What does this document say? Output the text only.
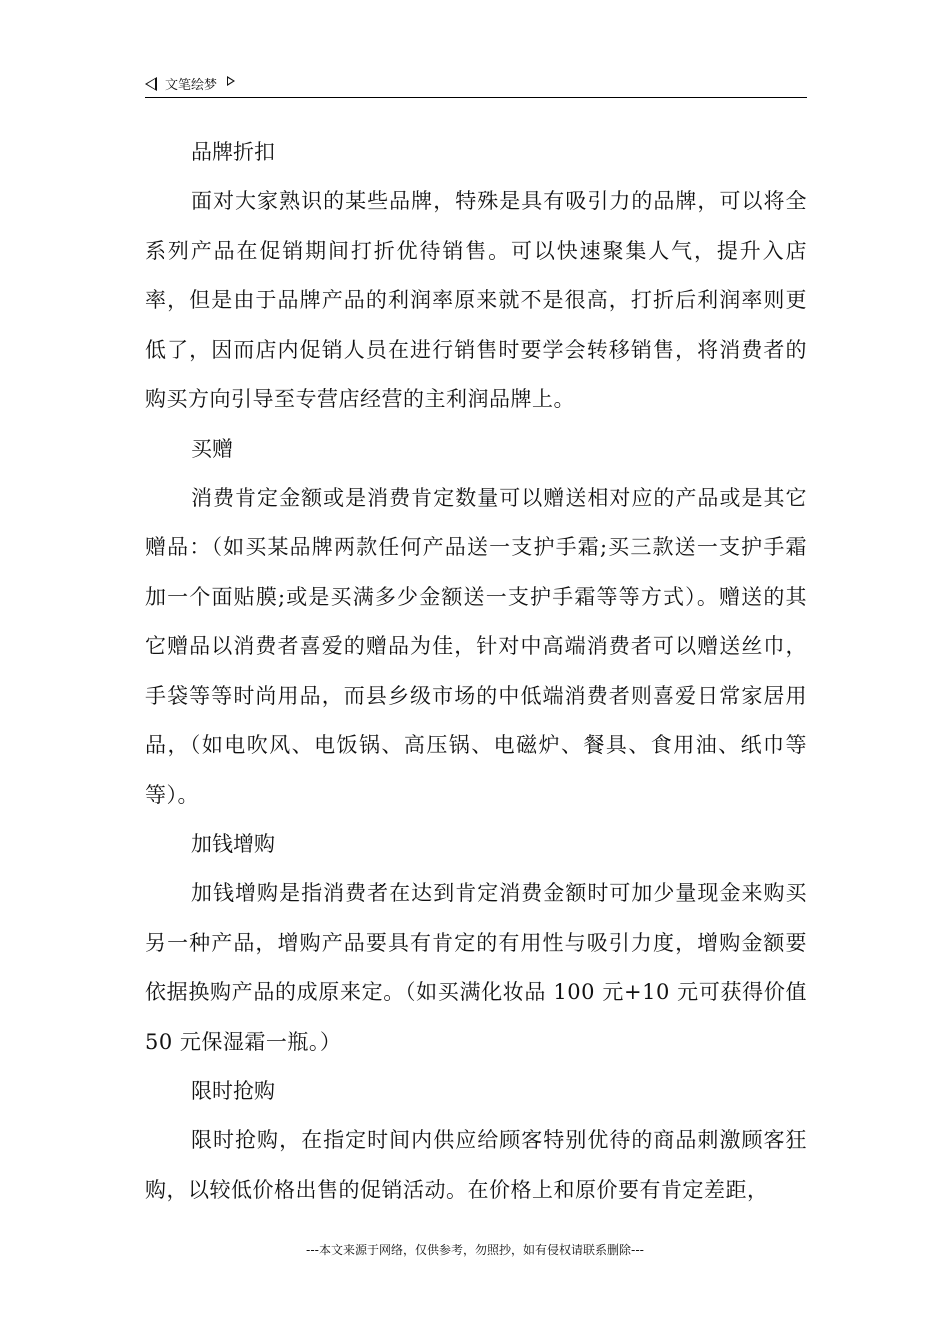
文笔绘梦

品牌折扣

面对大家熟识的某些品牌，特殊是具有吸引力的品牌，可以将全系列产品在促销期间打折优待销售。可以快速聚集人气，提升入店率，但是由于品牌产品的利润率原来就不是很高，打折后利润率则更低了，因而店内促销人员在进行销售时要学会转移销售，将消费者的购买方向引导至专营店经营的主利润品牌上。

买赠

消费肯定金额或是消费肯定数量可以赠送相对应的产品或是其它赠品：（如买某品牌两款任何产品送一支护手霜;买三款送一支护手霜加一个面贴膜;或是买满多少金额送一支护手霜等等方式）。赠送的其它赠品以消费者喜爱的赠品为佳，针对中高端消费者可以赠送丝巾，手袋等等时尚用品，而县乡级市场的中低端消费者则喜爱日常家居用品，（如电吹风、电饭锅、高压锅、电磁炉、餐具、食用油、纸巾等等）。

加钱增购

加钱增购是指消费者在达到肯定消费金额时可加少量现金来购买另一种产品，增购产品要具有肯定的有用性与吸引力度，增购金额要依据换购产品的成原来定。（如买满化妆品 100 元+10 元可获得价值 50 元保湿霜一瓶。）

限时抢购

限时抢购，在指定时间内供应给顾客特别优待的商品刺激顾客狂购，以较低价格出售的促销活动。在价格上和原价要有肯定差距，

---本文来源于网络，仅供参考，勿照抄，如有侵权请联系删除---
